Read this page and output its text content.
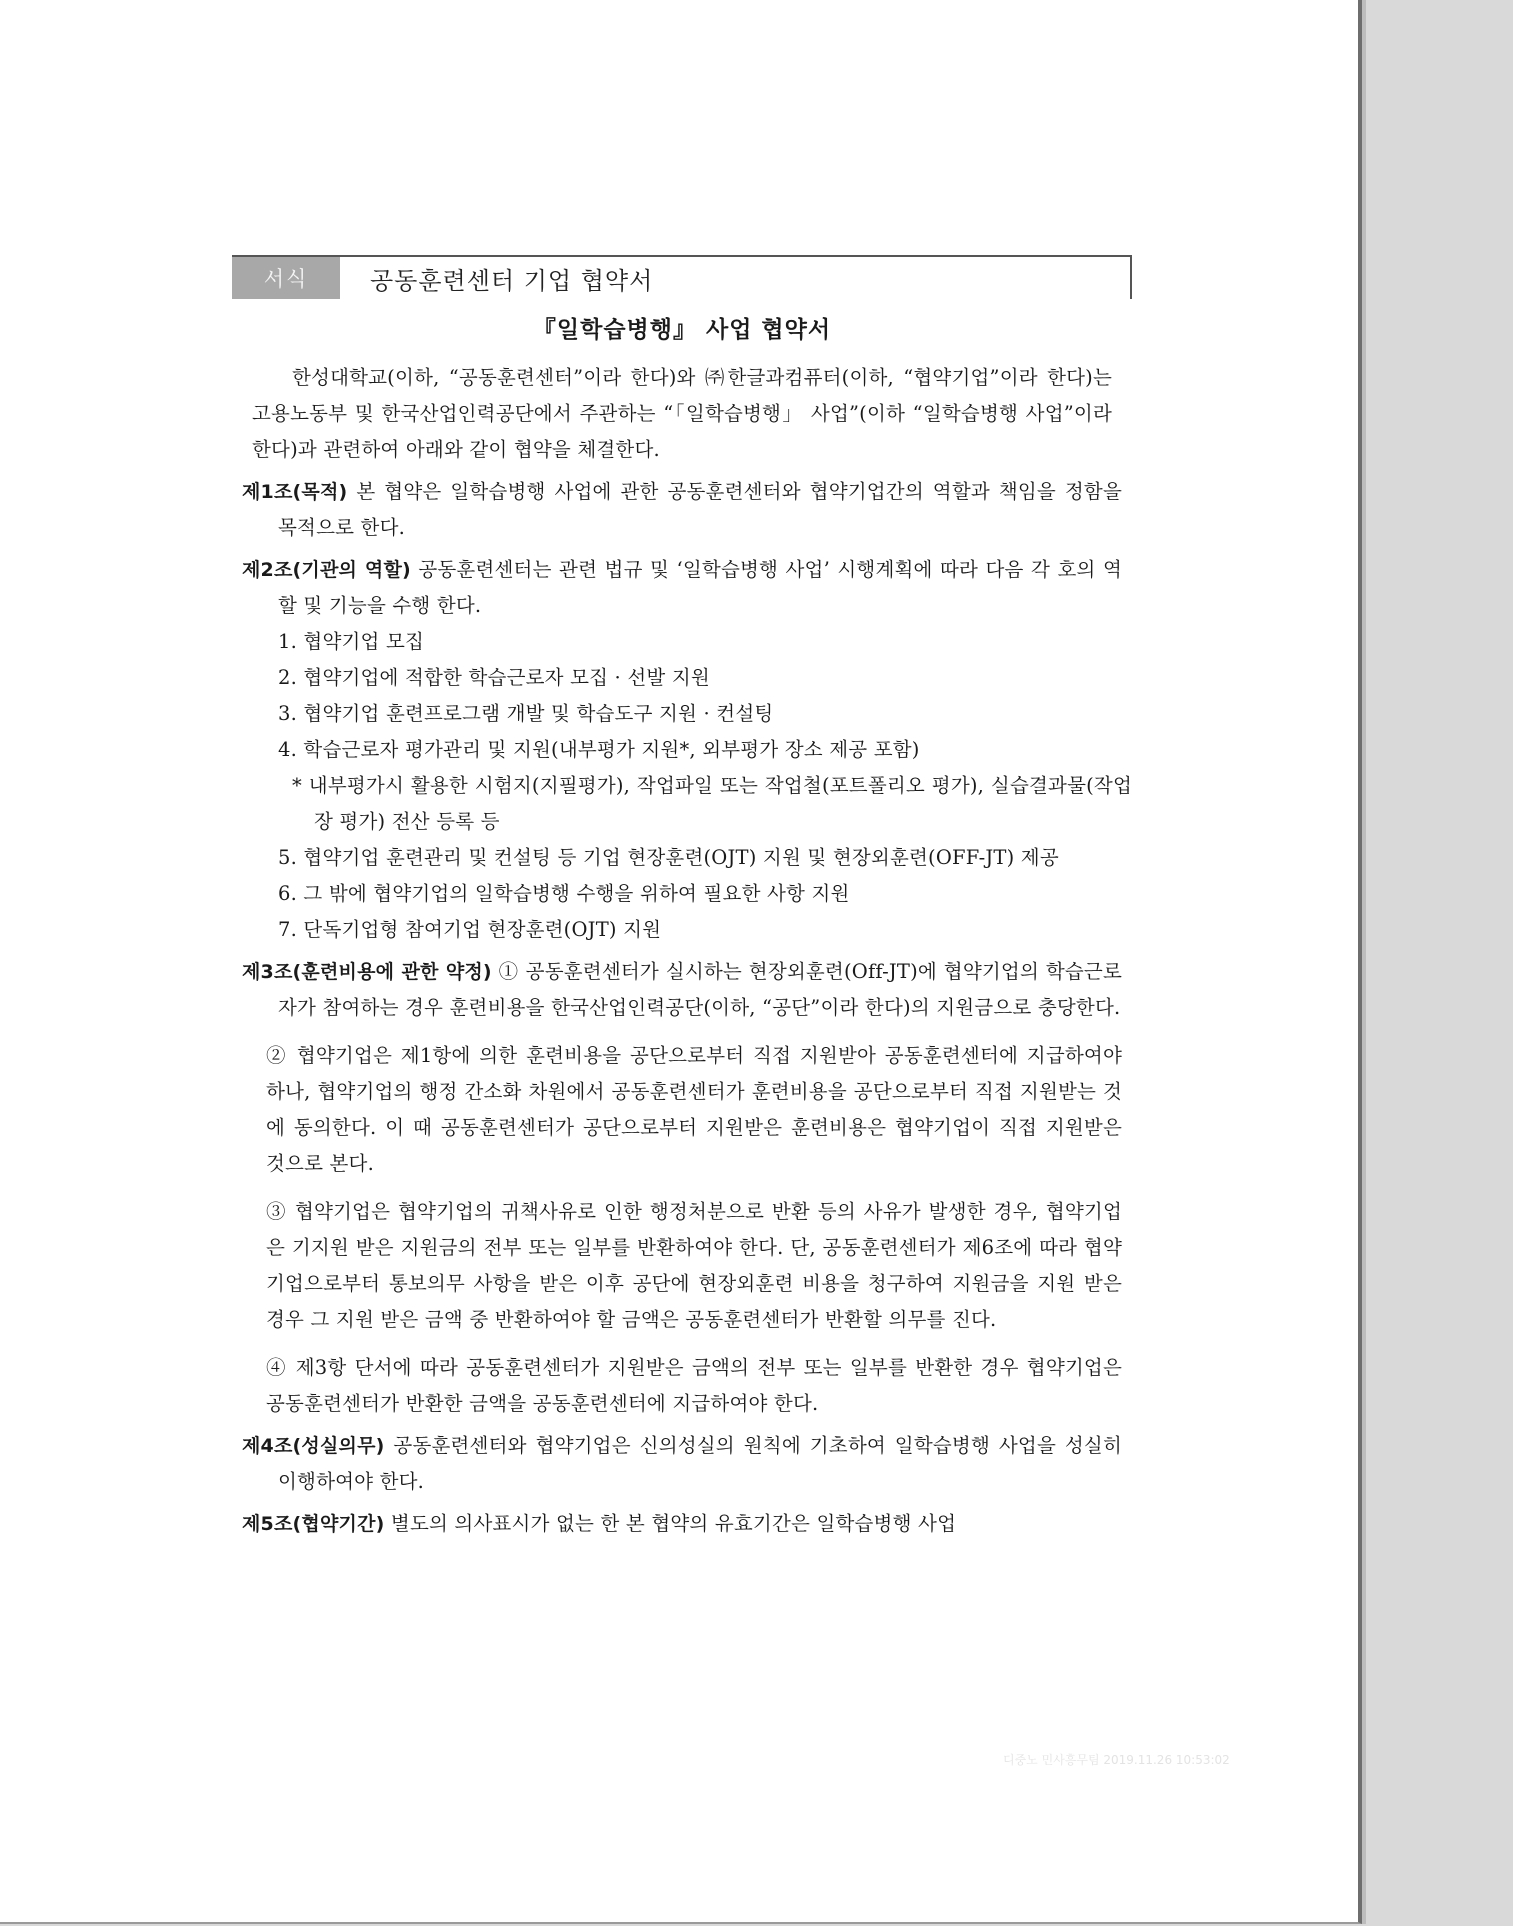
서식	공동훈련센터 기업 협약서
『일학습병행』 사업 협약서

한성대학교(이하, “공동훈련센터”이라 한다)와 ㈜한글과컴퓨터(이하, “협약기업”이라 한다)는 고용노동부 및 한국산업인력공단에서 주관하는 “「일학습병행」 사업”(이하 “일학습병행 사업”이라 한다)과 관련하여 아래와 같이 협약을 체결한다.

제1조(목적) 본 협약은 일학습병행 사업에 관한 공동훈련센터와 협약기업간의 역할과 책임을 정함을 목적으로 한다.

제2조(기관의 역할) 공동훈련센터는 관련 법규 및 ‘일학습병행 사업’ 시행계획에 따라 다음 각 호의 역할 및 기능을 수행 한다.

1. 협약기업 모집

2. 협약기업에 적합한 학습근로자 모집 · 선발 지원

3. 협약기업 훈련프로그램 개발 및 학습도구 지원 · 컨설팅

4. 학습근로자 평가관리 및 지원(내부평가 지원*, 외부평가 장소 제공 포함)

* 내부평가시 활용한 시험지(지필평가), 작업파일 또는 작업철(포트폴리오 평가), 실습결과물(작업장 평가) 전산 등록 등

5. 협약기업 훈련관리 및 컨설팅 등 기업 현장훈련(OJT) 지원 및 현장외훈련(OFF-JT) 제공

6. 그 밖에 협약기업의 일학습병행 수행을 위하여 필요한 사항 지원

7. 단독기업형 참여기업 현장훈련(OJT) 지원

제3조(훈련비용에 관한 약정) ① 공동훈련센터가 실시하는 현장외훈련(Off-JT)에 협약기업의 학습근로자가 참여하는 경우 훈련비용을 한국산업인력공단(이하, “공단”이라 한다)의 지원금으로 충당한다.

② 협약기업은 제1항에 의한 훈련비용을 공단으로부터 직접 지원받아 공동훈련센터에 지급하여야 하나, 협약기업의 행정 간소화 차원에서 공동훈련센터가 훈련비용을 공단으로부터 직접 지원받는 것에 동의한다. 이 때 공동훈련센터가 공단으로부터 지원받은 훈련비용은 협약기업이 직접 지원받은 것으로 본다.

③ 협약기업은 협약기업의 귀책사유로 인한 행정처분으로 반환 등의 사유가 발생한 경우, 협약기업은 기지원 받은 지원금의 전부 또는 일부를 반환하여야 한다. 단, 공동훈련센터가 제6조에 따라 협약기업으로부터 통보의무 사항을 받은 이후 공단에 현장외훈련 비용을 청구하여 지원금을 지원 받은 경우 그 지원 받은 금액 중 반환하여야 할 금액은 공동훈련센터가 반환할 의무를 진다.

④ 제3항 단서에 따라 공동훈련센터가 지원받은 금액의 전부 또는 일부를 반환한 경우 협약기업은 공동훈련센터가 반환한 금액을 공동훈련센터에 지급하여야 한다.

제4조(성실의무) 공동훈련센터와 협약기업은 신의성실의 원칙에 기초하여 일학습병행 사업을 성실히 이행하여야 한다.

제5조(협약기간) 별도의 의사표시가 없는 한 본 협약의 유효기간은 일학습병행 사업

디중노 민사흥무팀 2019.11.26 10:53:02
